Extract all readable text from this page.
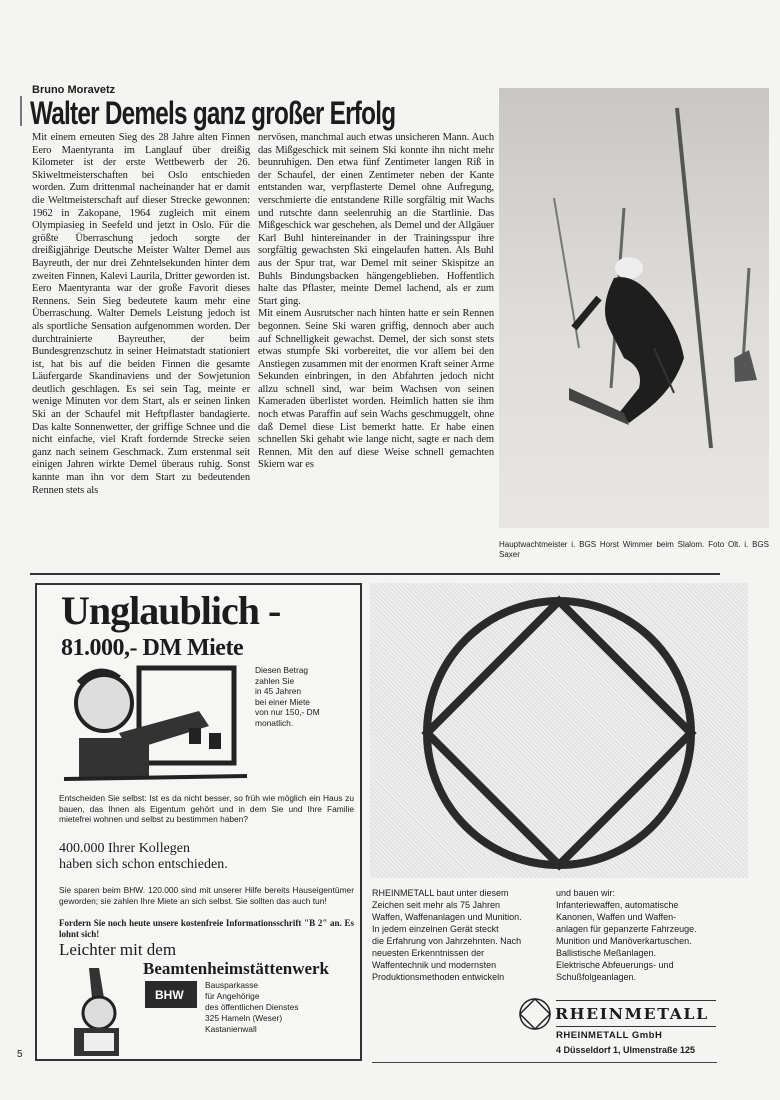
Bruno Moravetz
Walter Demels ganz großer Erfolg

Mit einem erneuten Sieg des 28 Jahre alten Finnen Eero Maentyranta im Langlauf über dreißig Kilometer ist der erste Wettbewerb der 26. Skiweltmeisterschaften bei Oslo entschieden worden. Zum drittenmal nacheinander hat er damit die Weltmeisterschaft auf dieser Strecke gewonnen: 1962 in Zakopane, 1964 zugleich mit einem Olympiasieg in Seefeld und jetzt in Oslo. Für die größte Überraschung jedoch sorgte der dreißigjährige Deutsche Meister Walter Demel aus Bayreuth, der nur drei Zehntelsekunden hinter dem zweiten Finnen, Kalevi Laurila, Dritter geworden ist.

Eero Maentyranta war der große Favorit dieses Rennens. Sein Sieg bedeutete kaum mehr eine Überraschung. Walter Demels Leistung jedoch ist als sportliche Sensation aufgenommen worden. Der durchtrainierte Bayreuther, der beim Bundesgrenzschutz in seiner Heimatstadt stationiert ist, hat bis auf die beiden Finnen die gesamte Läufergarde Skandinaviens und der Sowjetunion deutlich geschlagen. Es sei sein Tag, meinte er wenige Minuten vor dem Start, als er seinen linken Ski an der Schaufel mit Heftpflaster bandagierte. Das kalte Sonnenwetter, der griffige Schnee und die nicht einfache, viel Kraft fordernde Strecke seien ganz nach seinem Geschmack. Zum erstenmal seit einigen Jahren wirkte Demel überaus ruhig. Sonst kannte man ihn vor dem Start zu bedeutenden Rennen stets als

nervösen, manchmal auch etwas unsicheren Mann. Auch das Mißgeschick mit seinem Ski konnte ihn nicht mehr beunruhigen. Den etwa fünf Zentimeter langen Riß in der Schaufel, der einen Zentimeter neben der Kante entstanden war, verpflasterte Demel ohne Aufregung, verschmierte die entstandene Rille sorgfältig mit Wachs und rutschte dann seelenruhig an die Startlinie. Das Mißgeschick war geschehen, als Demel und der Allgäuer Karl Buhl hintereinander in der Trainingsspur ihre sorgfältig gewachsten Ski eingelaufen hatten. Als Buhl aus der Spur trat, war Demel mit seiner Skispitze an Buhls Bindungsbacken hängengeblieben. Hoffentlich halte das Pflaster, meinte Demel lachend, als er zum Start ging.

Mit einem Ausrutscher nach hinten hatte er sein Rennen begonnen. Seine Ski waren griffig, dennoch aber auch auf Schnelligkeit gewachst. Demel, der sich sonst stets etwas stumpfe Ski vorbereitet, die vor allem bei den Anstiegen zusammen mit der enormen Kraft seiner Arme Sekunden einbringen, in den Abfahrten jedoch nicht allzu schnell sind, war beim Wachsen von seinen Kameraden überlistet worden. Heimlich hatten sie ihm noch etwas Paraffin auf sein Wachs geschmuggelt, ohne daß Demel diese List bemerkt hatte. Er habe einen schnellen Ski gehabt wie lange nicht, sagte er nach dem Rennen. Mit den auf diese Weise schnell gemachten Skiern war es

Hauptwachtmeister i. BGS Horst Wimmer beim Slalom. Foto Olt. i. BGS Saxer
Unglaublich -
81.000,- DM Miete
Diesen Betrag
zahlen Sie
in 45 Jahren
bei einer Miete
von nur 150,- DM
monatlich.
Entscheiden Sie selbst: Ist es da nicht besser, so früh wie möglich ein Haus zu bauen, das Ihnen als Eigentum gehört und in dem Sie und Ihre Familie mietefrei wohnen und selbst zu bestimmen haben?
400.000 Ihrer Kollegen
haben sich schon entschieden.
Sie sparen beim BHW. 120.000 sind mit unserer Hilfe bereits Hauseigentümer geworden; sie zahlen Ihre Miete an sich selbst. Sie sollten das auch tun!
Fordern Sie noch heute unsere kostenfreie Informationsschrift "B 2" an. Es lohnt sich!
Leichter mit dem
Beamtenheimstättenwerk
BHW
Bausparkasse
für Angehörige
des öffentlichen Dienstes
325 Hameln (Weser)
Kastanienwall
RHEINMETALL baut unter diesem
Zeichen seit mehr als 75 Jahren
Waffen, Waffenanlagen und Munition.
In jedem einzelnen Gerät steckt
die Erfahrung von Jahrzehnten. Nach
neuesten Erkenntnissen der
Waffentechnik und modernsten
Produktionsmethoden entwickeln
und bauen wir:
Infanteriewaffen, automatische
Kanonen, Waffen und Waffen-
anlagen für gepanzerte Fahrzeuge.
Munition und Manöverkartuschen.
Ballistische Meßanlagen.
Elektrische Abfeuerungs- und
Schußfolgeanlagen.
RHEINMETALL
RHEINMETALL GmbH
4 Düsseldorf 1, Ulmenstraße 125
5
